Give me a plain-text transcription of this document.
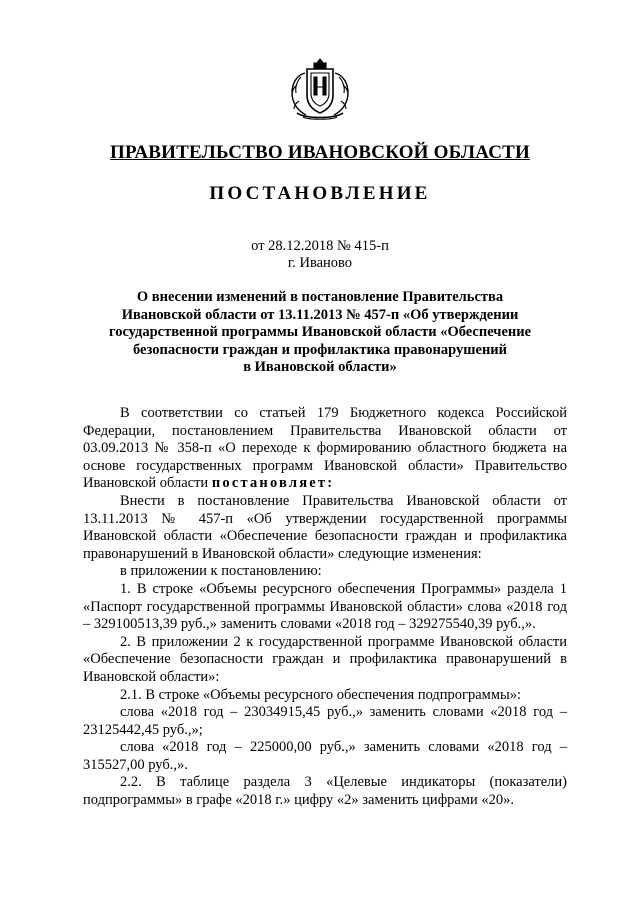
ПРАВИТЕЛЬСТВО ИВАНОВСКОЙ ОБЛАСТИ
ПОСТАНОВЛЕНИЕ
от 28.12.2018 № 415-п
г. Иваново
О внесении изменений в постановление Правительства
Ивановской области от 13.11.2013 № 457-п «Об утверждении
государственной программы Ивановской области «Обеспечение
безопасности граждан и профилактика правонарушений
в Ивановской области»

В соответствии со статьей 179 Бюджетного кодекса Российской Федерации, постановлением Правительства Ивановской области от 03.09.2013 № 358-п «О переходе к формированию областного бюджета на основе государственных программ Ивановской области» Правительство Ивановской области постановляет:

Внести в постановление Правительства Ивановской области от 13.11.2013 № 457-п «Об утверждении государственной программы Ивановской области «Обеспечение безопасности граждан и профилактика правонарушений в Ивановской области» следующие изменения:

в приложении к постановлению:

1. В строке «Объемы ресурсного обеспечения Программы» раздела 1 «Паспорт государственной программы Ивановской области» слова «2018 год – 329100513,39 руб.,» заменить словами «2018 год – 329275540,39 руб.,».

2. В приложении 2 к государственной программе Ивановской области «Обеспечение безопасности граждан и профилактика правонарушений в Ивановской области»:

2.1. В строке «Объемы ресурсного обеспечения подпрограммы»:

слова «2018 год – 23034915,45 руб.,» заменить словами «2018 год – 23125442,45 руб.,»;

слова «2018 год – 225000,00 руб.,» заменить словами «2018 год – 315527,00 руб.,».

2.2. В таблице раздела 3 «Целевые индикаторы (показатели) подпрограммы» в графе «2018 г.» цифру «2» заменить цифрами «20».
